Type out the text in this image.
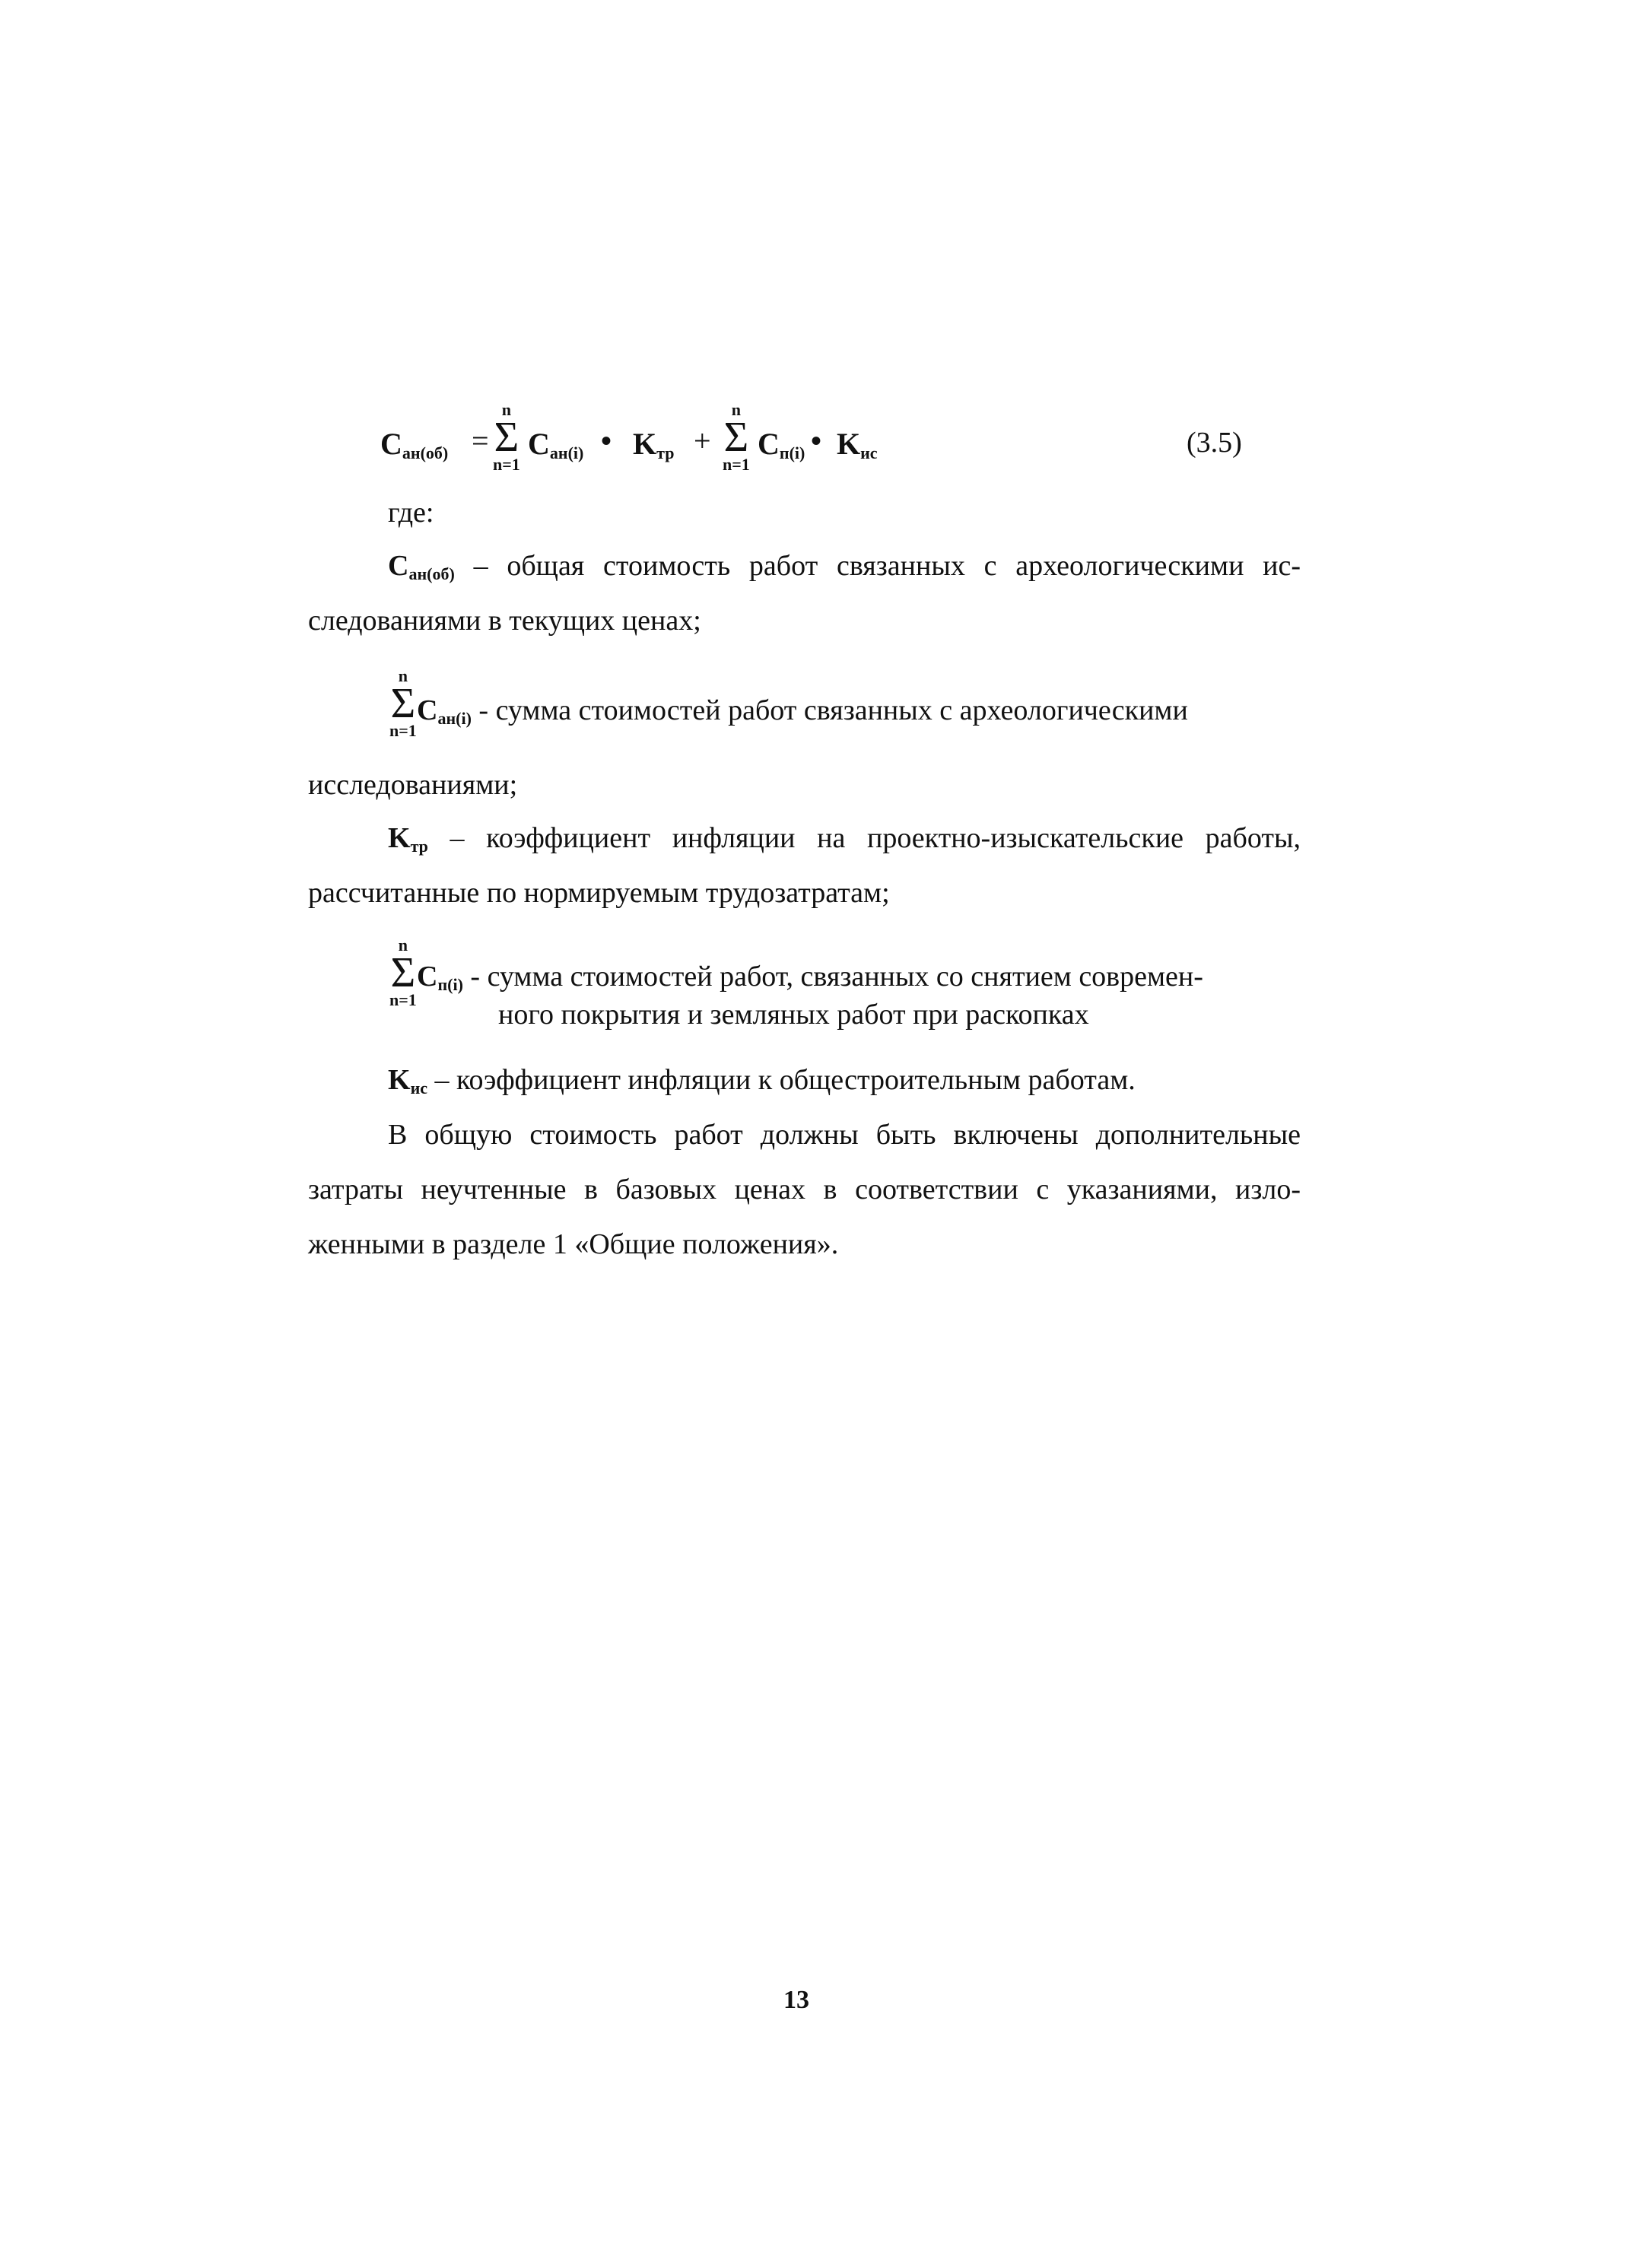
$C_{ан(об)}$ =
n
Σ
n=1
$C_{ан(i)}$ • $K_{тр}$ +
n
Σ
n=1
$C_{п(i)}$ • $K_{ис}$	(3.5)
где:
$C_{ан(об)}$ – общая стоимость работ связанных с археологическими ис-
следованиями в текущих ценах;
n
Σ
n=1
$C_{ан(i)}$ - сумма стоимостей работ связанных с археологическими
исследованиями;
$K_{тр}$ – коэффициент инфляции на проектно-изыскательские работы,
рассчитанные по нормируемым трудозатратам;
n
Σ
n=1
$C_{п(i)}$ - сумма стоимостей работ, связанных со снятием современ-
ного покрытия и земляных работ при раскопках
$K_{ис}$ – коэффициент инфляции к общестроительным работам.
В общую стоимость работ должны быть включены дополнительные
затраты неучтенные в базовых ценах в соответствии с указаниями, изло-
женными в разделе 1 «Общие положения».
13
